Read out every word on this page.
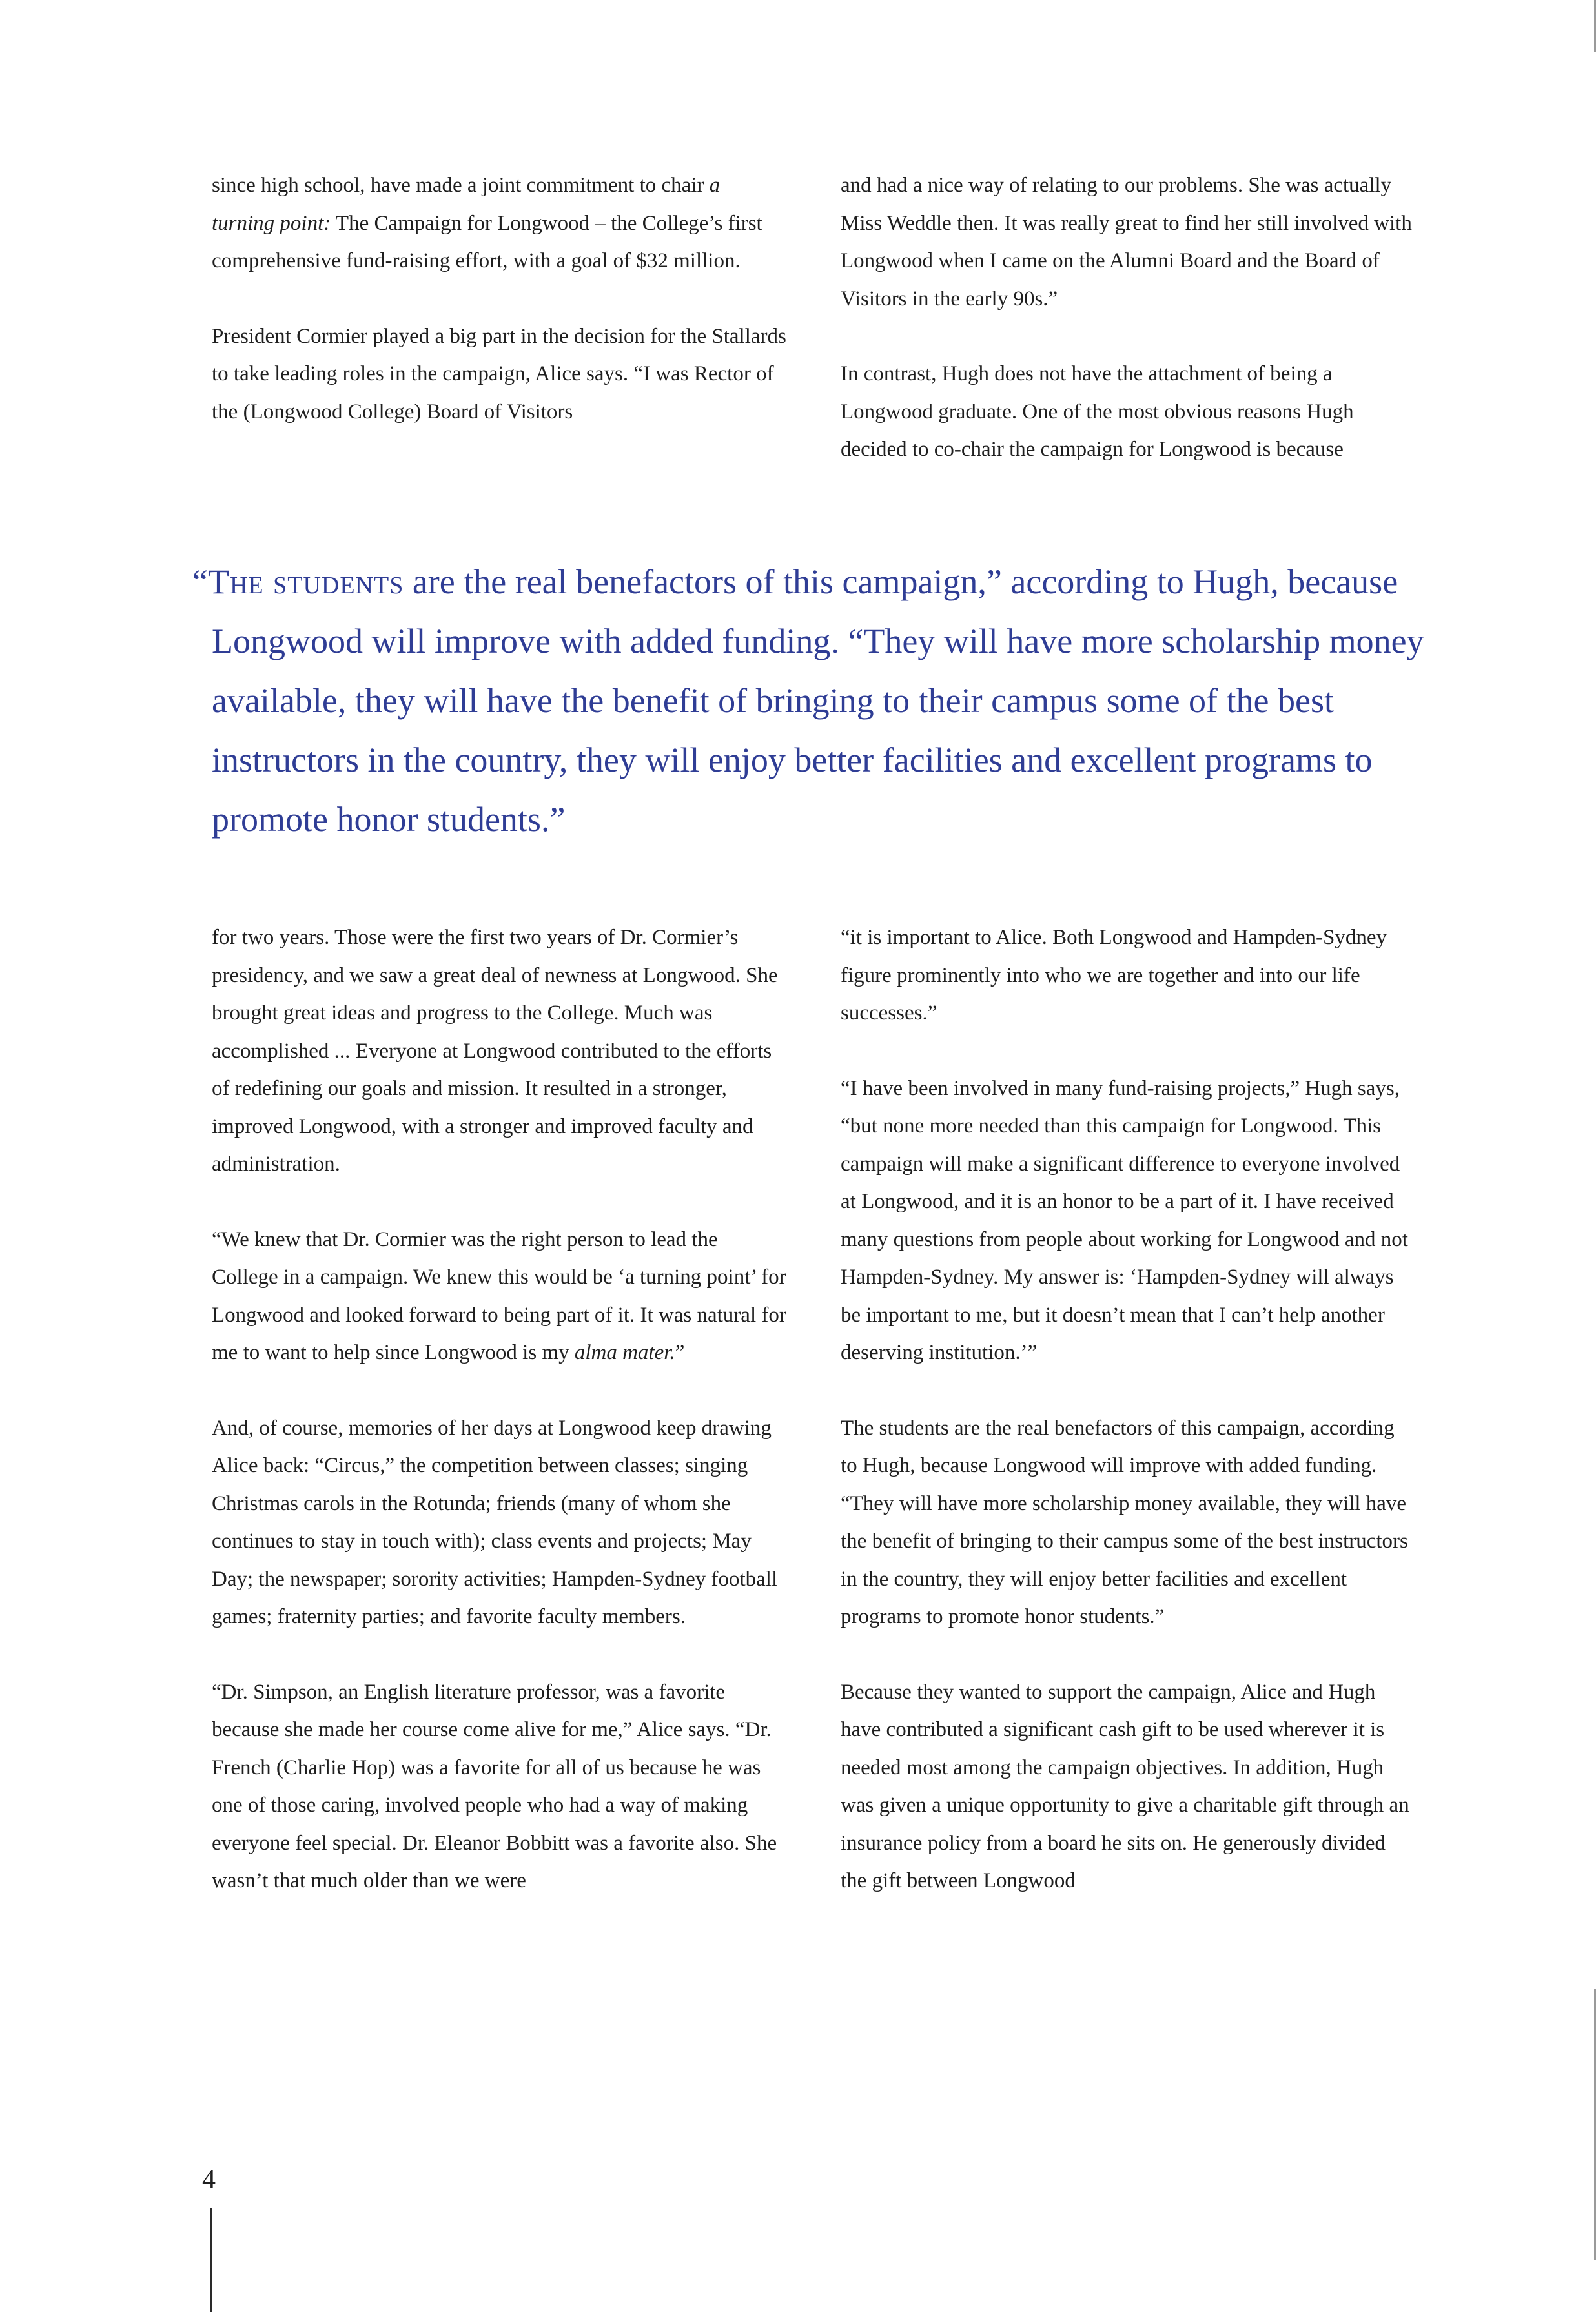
since high school, have made a joint commitment to chair a turning point: The Campaign for Longwood – the College’s first comprehensive fund-raising effort, with a goal of $32 million.

President Cormier played a big part in the decision for the Stallards to take leading roles in the campaign, Alice says. “I was Rector of the (Longwood College) Board of Visitors

and had a nice way of relating to our problems. She was actually Miss Weddle then. It was really great to find her still involved with Longwood when I came on the Alumni Board and the Board of Visitors in the early 90s.”

In contrast, Hugh does not have the attachment of being a Longwood graduate. One of the most obvious reasons Hugh decided to co-chair the campaign for Longwood is because

“The students are the real benefactors of this campaign,” according to Hugh, because Longwood will improve with added funding. “They will have more scholarship money available, they will have the benefit of bringing to their campus some of the best instructors in the country, they will enjoy better facilities and excellent programs to promote honor students.”

for two years. Those were the first two years of Dr. Cormier’s presidency, and we saw a great deal of newness at Longwood. She brought great ideas and progress to the College. Much was accomplished ... Everyone at Longwood contributed to the efforts of redefining our goals and mission. It resulted in a stronger, improved Longwood, with a stronger and improved faculty and administration.

“We knew that Dr. Cormier was the right person to lead the College in a campaign. We knew this would be ‘a turning point’ for Longwood and looked forward to being part of it. It was natural for me to want to help since Longwood is my alma mater.”

And, of course, memories of her days at Longwood keep drawing Alice back: “Circus,” the competition between classes; singing Christmas carols in the Rotunda; friends (many of whom she continues to stay in touch with); class events and projects; May Day; the newspaper; sorority activities; Hampden-Sydney football games; fraternity parties; and favorite faculty members.

“Dr. Simpson, an English literature professor, was a favorite because she made her course come alive for me,” Alice says. “Dr. French (Charlie Hop) was a favorite for all of us because he was one of those caring, involved people who had a way of making everyone feel special. Dr. Eleanor Bobbitt was a favorite also. She wasn’t that much older than we were

“it is important to Alice. Both Longwood and Hampden-Sydney figure prominently into who we are together and into our life successes.”

“I have been involved in many fund-raising projects,” Hugh says, “but none more needed than this campaign for Longwood. This campaign will make a significant difference to everyone involved at Longwood, and it is an honor to be a part of it. I have received many questions from people about working for Longwood and not Hampden-Sydney. My answer is: ‘Hampden-Sydney will always be important to me, but it doesn’t mean that I can’t help another deserving institution.’”

The students are the real benefactors of this campaign, according to Hugh, because Longwood will improve with added funding. “They will have more scholarship money available, they will have the benefit of bringing to their campus some of the best instructors in the country, they will enjoy better facilities and excellent programs to promote honor students.”

Because they wanted to support the campaign, Alice and Hugh have contributed a significant cash gift to be used wherever it is needed most among the campaign objectives. In addition, Hugh was given a unique opportunity to give a charitable gift through an insurance policy from a board he sits on. He generously divided the gift between Longwood

4
